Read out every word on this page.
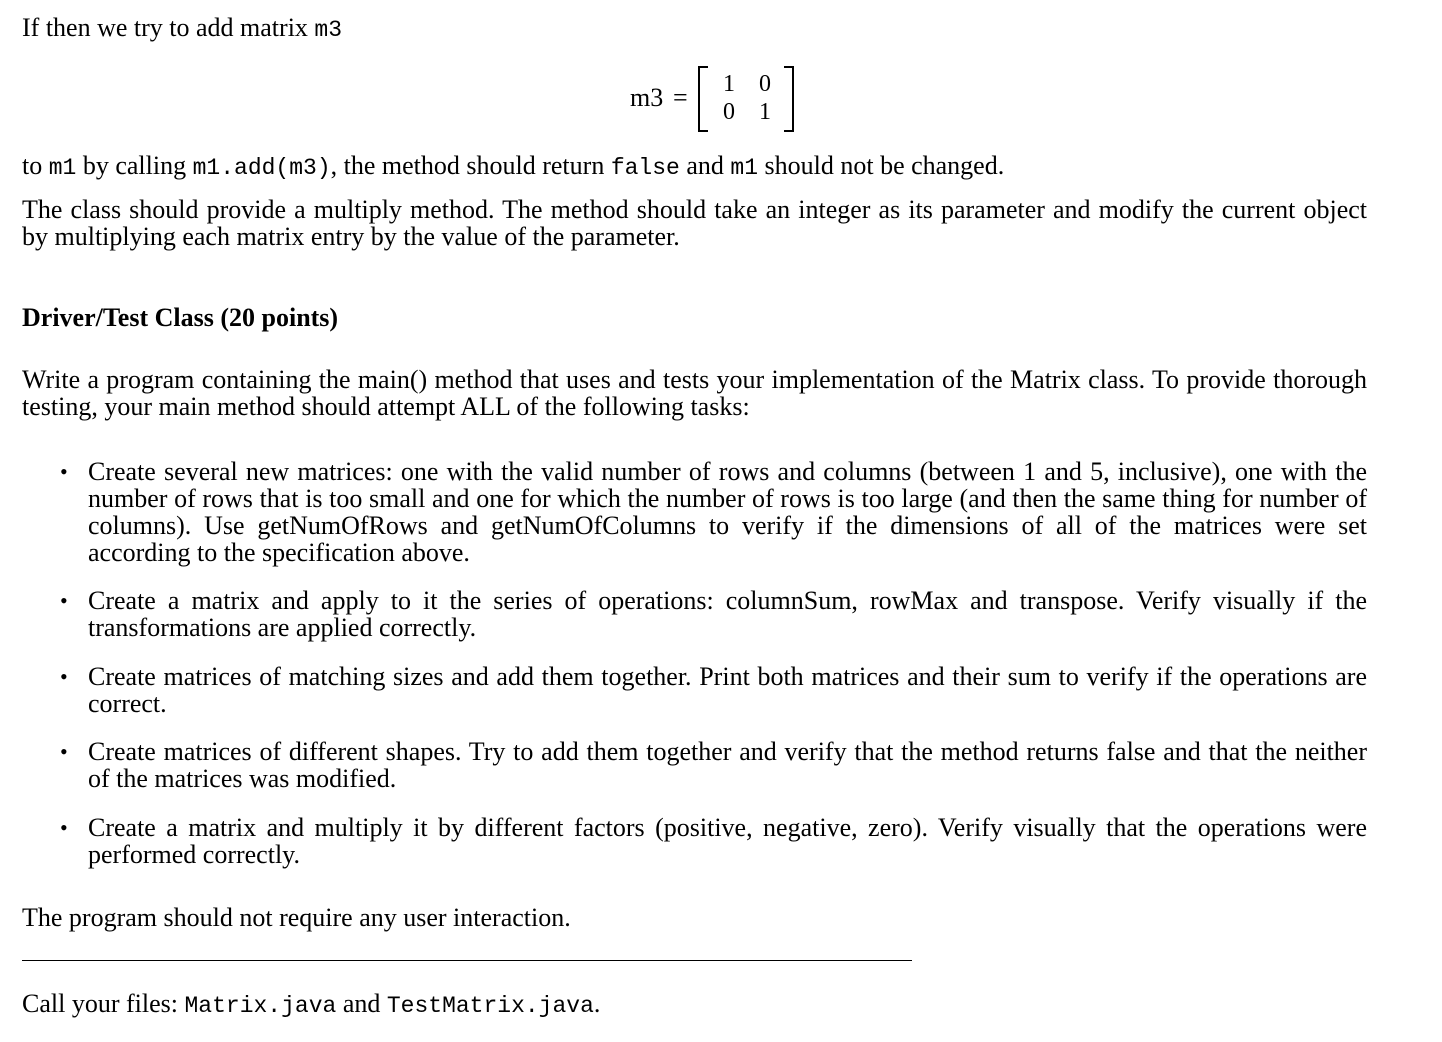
If then we try to add matrix m3

m3 = 1 0
0 1

to m1 by calling m1.add(m3), the method should return false and m1 should not be changed.

The class should provide a multiply method. The method should take an integer as its parameter and modify the current object by multiplying each matrix entry by the value of the parameter.

Driver/Test Class (20 points)

Write a program containing the main() method that uses and tests your implementation of the Matrix class. To provide thorough testing, your main method should attempt ALL of the following tasks:

• Create several new matrices: one with the valid number of rows and columns (between 1 and 5, inclusive), one with the number of rows that is too small and one for which the number of rows is too large (and then the same thing for number of columns). Use getNumOfRows and getNumOfColumns to verify if the dimensions of all of the matrices were set according to the specification above.

• Create a matrix and apply to it the series of operations: columnSum, rowMax and transpose. Verify visually if the transformations are applied correctly.

• Create matrices of matching sizes and add them together. Print both matrices and their sum to verify if the operations are correct.

• Create matrices of different shapes. Try to add them together and verify that the method returns false and that the neither of the matrices was modified.

• Create a matrix and multiply it by different factors (positive, negative, zero). Verify visually that the operations were performed correctly.

The program should not require any user interaction.

Call your files: Matrix.java and TestMatrix.java.
